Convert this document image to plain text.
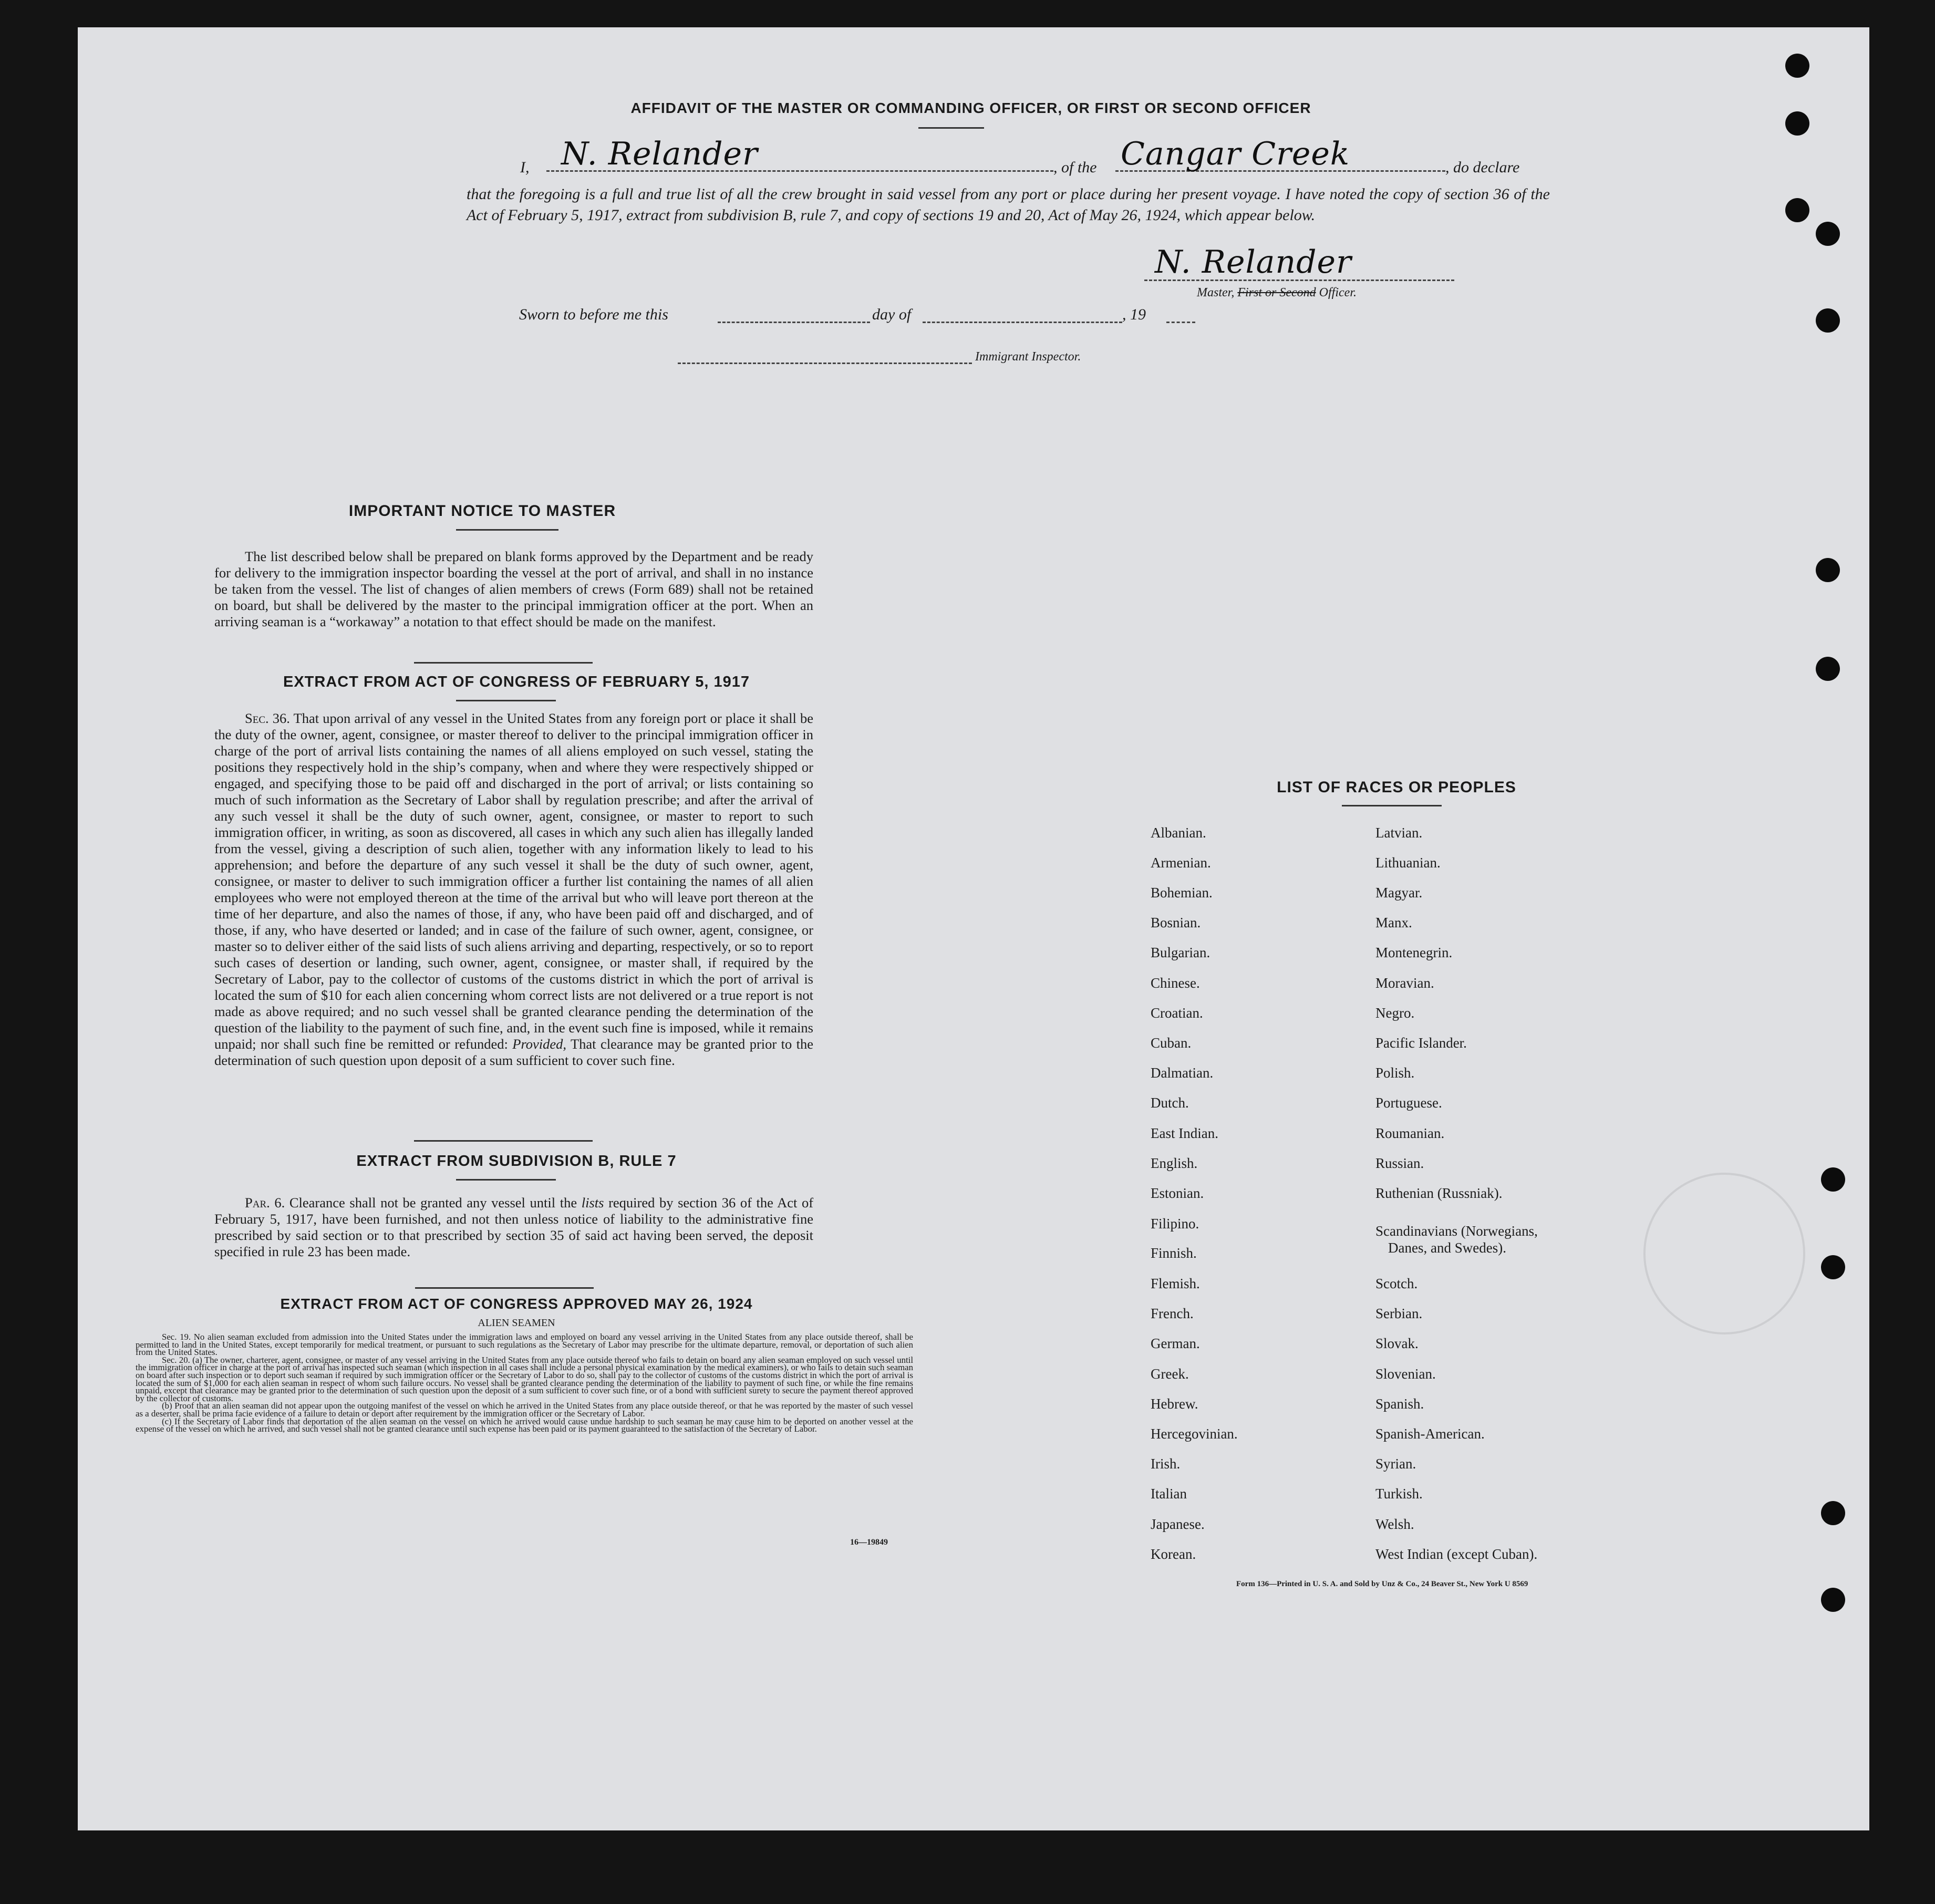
AFFIDAVIT OF THE MASTER OR COMMANDING OFFICER, OR FIRST OR SECOND OFFICER
I, N. Relander	, of the Cangar Creek	, do declare
that the foregoing is a full and true list of all the crew brought in said vessel from any port or place during her present voyage. I have noted the copy of section 36 of the Act of February 5, 1917, extract from subdivision B, rule 7, and copy of sections 19 and 20, Act of May 26, 1924, which appear below.
N. Relander
Master, First or Second Officer.
Sworn to before me this	day of	, 19
Immigrant Inspector.
IMPORTANT NOTICE TO MASTER
The list described below shall be prepared on blank forms approved by the Department and be ready for delivery to the immigration inspector boarding the vessel at the port of arrival, and shall in no instance be taken from the vessel. The list of changes of alien members of crews (Form 689) shall not be retained on board, but shall be delivered by the master to the principal immigration officer at the port. When an arriving seaman is a “workaway” a notation to that effect should be made on the manifest.
EXTRACT FROM ACT OF CONGRESS OF FEBRUARY 5, 1917
Sec. 36. That upon arrival of any vessel in the United States from any foreign port or place it shall be the duty of the owner, agent, consignee, or master thereof to deliver to the principal immigration officer in charge of the port of arrival lists containing the names of all aliens employed on such vessel, stating the positions they respectively hold in the ship’s company, when and where they were respectively shipped or engaged, and specifying those to be paid off and discharged in the port of arrival; or lists containing so much of such information as the Secretary of Labor shall by regulation prescribe; and after the arrival of any such vessel it shall be the duty of such owner, agent, consignee, or master to report to such immigration officer, in writing, as soon as discovered, all cases in which any such alien has illegally landed from the vessel, giving a description of such alien, together with any information likely to lead to his apprehension; and before the departure of any such vessel it shall be the duty of such owner, agent, consignee, or master to deliver to such immigration officer a further list containing the names of all alien employees who were not employed thereon at the time of the arrival but who will leave port thereon at the time of her departure, and also the names of those, if any, who have been paid off and discharged, and of those, if any, who have deserted or landed; and in case of the failure of such owner, agent, consignee, or master so to deliver either of the said lists of such aliens arriving and departing, respectively, or so to report such cases of desertion or landing, such owner, agent, consignee, or master shall, if required by the Secretary of Labor, pay to the collector of customs of the customs district in which the port of arrival is located the sum of $10 for each alien concerning whom correct lists are not delivered or a true report is not made as above required; and no such vessel shall be granted clearance pending the determination of the question of the liability to the payment of such fine, and, in the event such fine is imposed, while it remains unpaid; nor shall such fine be remitted or refunded: Provided, That clearance may be granted prior to the determination of such question upon deposit of a sum sufficient to cover such fine.
EXTRACT FROM SUBDIVISION B, RULE 7
Par. 6. Clearance shall not be granted any vessel until the lists required by section 36 of the Act of February 5, 1917, have been furnished, and not then unless notice of liability to the administrative fine prescribed by said section or to that prescribed by section 35 of said act having been served, the deposit specified in rule 23 has been made.
EXTRACT FROM ACT OF CONGRESS APPROVED MAY 26, 1924
ALIEN SEAMEN
Sec. 19. No alien seaman excluded from admission into the United States under the immigration laws and employed on board any vessel arriving in the United States from any place outside thereof, shall be permitted to land in the United States, except temporarily for medical treatment, or pursuant to such regulations as the Secretary of Labor may prescribe for the ultimate departure, removal, or deportation of such alien from the United States.
Sec. 20. (a) The owner, charterer, agent, consignee, or master of any vessel arriving in the United States from any place outside thereof who fails to detain on board any alien seaman employed on such vessel until the immigration officer in charge at the port of arrival has inspected such seaman (which inspection in all cases shall include a personal physical examination by the medical examiners), or who fails to detain such seaman on board after such inspection or to deport such seaman if required by such immigration officer or the Secretary of Labor to do so, shall pay to the collector of customs of the customs district in which the port of arrival is located the sum of $1,000 for each alien seaman in respect of whom such failure occurs. No vessel shall be granted clearance pending the determination of the liability to payment of such fine, or while the fine remains unpaid, except that clearance may be granted prior to the determination of such question upon the deposit of a sum sufficient to cover such fine, or of a bond with sufficient surety to secure the payment thereof approved by the collector of customs.
(b) Proof that an alien seaman did not appear upon the outgoing manifest of the vessel on which he arrived in the United States from any place outside thereof, or that he was reported by the master of such vessel as a deserter, shall be prima facie evidence of a failure to detain or deport after requirement by the immigration officer or the Secretary of Labor.
(c) If the Secretary of Labor finds that deportation of the alien seaman on the vessel on which he arrived would cause undue hardship to such seaman he may cause him to be deported on another vessel at the expense of the vessel on which he arrived, and such vessel shall not be granted clearance until such expense has been paid or its payment guaranteed to the satisfaction of the Secretary of Labor.
16—19849
LIST OF RACES OR PEOPLES
Albanian.
Armenian.
Bohemian.
Bosnian.
Bulgarian.
Chinese.
Croatian.
Cuban.
Dalmatian.
Dutch.
East Indian.
English.
Estonian.
Filipino.
Finnish.
Flemish.
French.
German.
Greek.
Hebrew.
Hercegovinian.
Irish.
Italian
Japanese.
Korean.
Latvian.
Lithuanian.
Magyar.
Manx.
Montenegrin.
Moravian.
Negro.
Pacific Islander.
Polish.
Portuguese.
Roumanian.
Russian.
Ruthenian (Russniak).
Scandinavians (Norwegians,
Danes, and Swedes).
Scotch.
Serbian.
Slovak.
Slovenian.
Spanish.
Spanish-American.
Syrian.
Turkish.
Welsh.
West Indian (except Cuban).
Form 136—Printed in U. S. A. and Sold by Unz & Co., 24 Beaver St., New York U 8569
